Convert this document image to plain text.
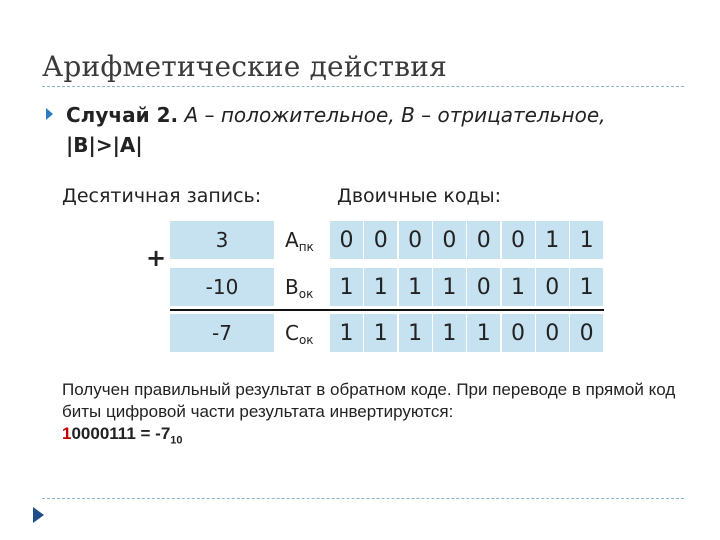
Арифметические действия
Случай 2. А – положительное, В – отрицательное,
|B|>|A|
Десятичная запись:	Двоичные коды:
+
3	$A_{пк}$	0 0 0 0 0 0 1 1
-10	$B_{ок}$	1 1 1 1 0 1 0 1
-7	$C_{ок}$	1 1 1 1 1 0 0 0
Получен правильный результат в обратном коде. При переводе в прямой код биты цифровой части результата инвертируются:
$10000111 = -7_{10}$
